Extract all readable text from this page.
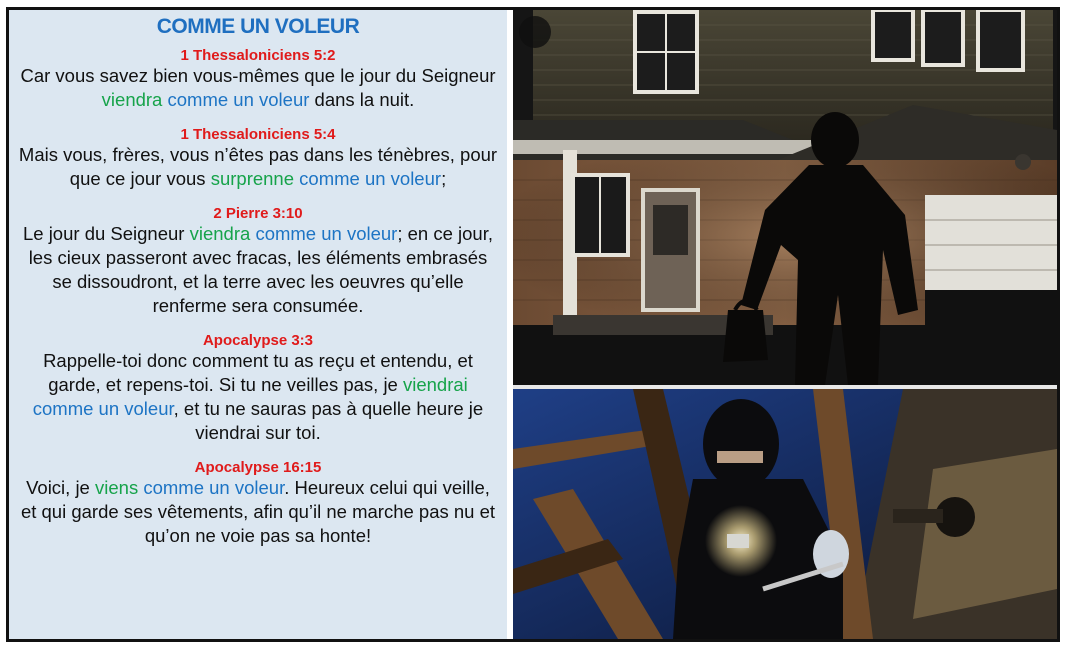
COMME UN VOLEUR
1 Thessaloniciens 5:2
Car vous savez bien vous-mêmes que le jour du Seigneur viendra comme un voleur dans la nuit.
1 Thessaloniciens 5:4
Mais vous, frères, vous n’êtes pas dans les ténèbres, pour que ce jour vous surprenne comme un voleur;
2 Pierre 3:10
Le jour du Seigneur viendra comme un voleur; en ce jour, les cieux passeront avec fracas, les éléments embrasés se dissoudront, et la terre avec les oeuvres qu’elle renferme sera consumée.
Apocalypse 3:3
Rappelle-toi donc comment tu as reçu et entendu, et garde, et repens-toi. Si tu ne veilles pas, je viendrai comme un voleur, et tu ne sauras pas à quelle heure je viendrai sur toi.
Apocalypse 16:15
Voici, je viens comme un voleur. Heureux celui qui veille, et qui garde ses vêtements, afin qu’il ne marche pas nu et qu’on ne voie pas sa honte!
